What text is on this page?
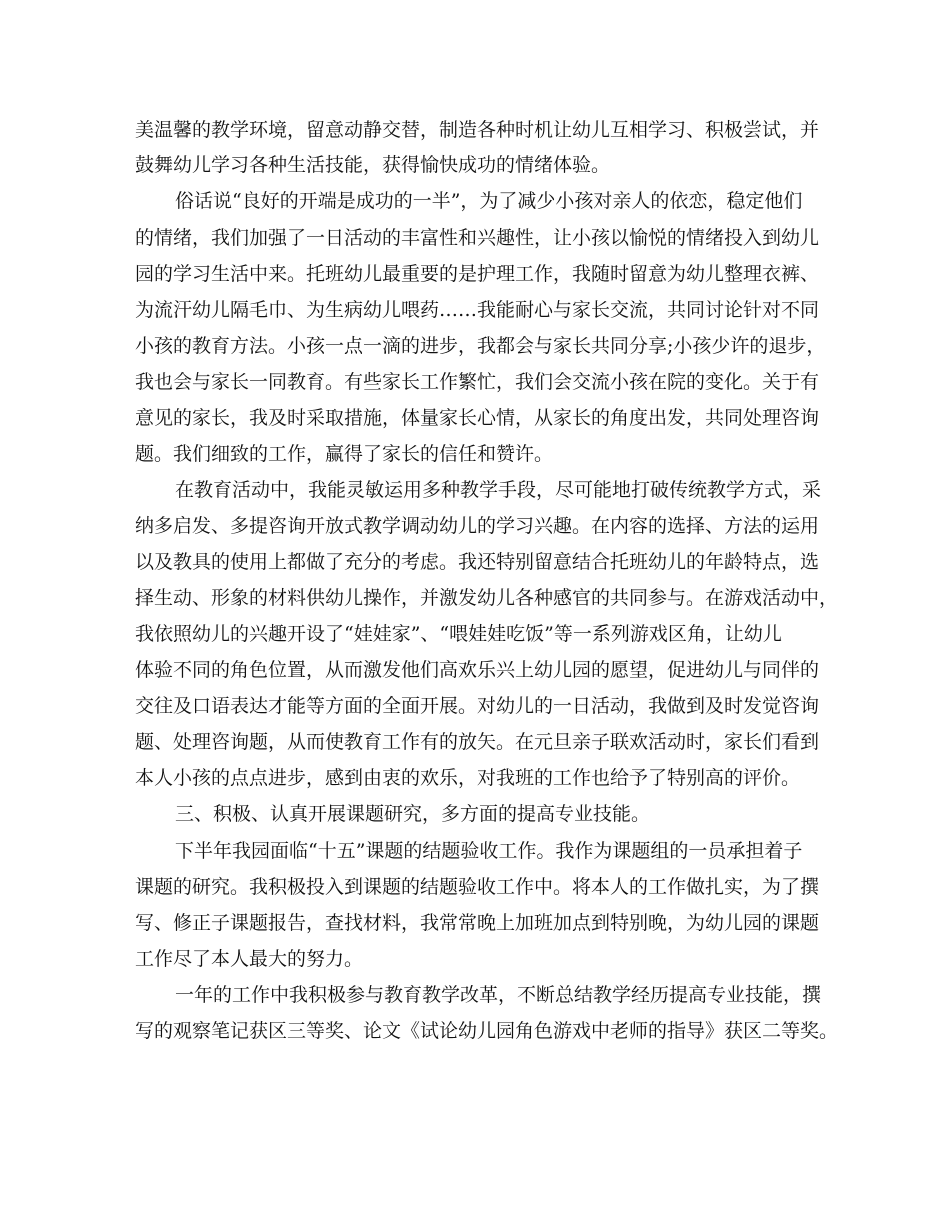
美温馨的教学环境，留意动静交替，制造各种时机让幼儿互相学习、积极尝试，并
鼓舞幼儿学习各种生活技能，获得愉快成功的情绪体验。
俗话说“良好的开端是成功的一半”，为了减少小孩对亲人的依恋，稳定他们
的情绪，我们加强了一日活动的丰富性和兴趣性，让小孩以愉悦的情绪投入到幼儿
园的学习生活中来。托班幼儿最重要的是护理工作，我随时留意为幼儿整理衣裤、
为流汗幼儿隔毛巾、为生病幼儿喂药……我能耐心与家长交流，共同讨论针对不同
小孩的教育方法。小孩一点一滴的进步，我都会与家长共同分享;小孩少许的退步，
我也会与家长一同教育。有些家长工作繁忙，我们会交流小孩在院的变化。关于有
意见的家长，我及时采取措施，体量家长心情，从家长的角度出发，共同处理咨询
题。我们细致的工作，赢得了家长的信任和赞许。
在教育活动中，我能灵敏运用多种教学手段，尽可能地打破传统教学方式，采
纳多启发、多提咨询开放式教学调动幼儿的学习兴趣。在内容的选择、方法的运用
以及教具的使用上都做了充分的考虑。我还特别留意结合托班幼儿的年龄特点，选
择生动、形象的材料供幼儿操作，并激发幼儿各种感官的共同参与。在游戏活动中，
我依照幼儿的兴趣开设了“娃娃家”、“喂娃娃吃饭”等一系列游戏区角，让幼儿
体验不同的角色位置，从而激发他们高欢乐兴上幼儿园的愿望，促进幼儿与同伴的
交往及口语表达才能等方面的全面开展。对幼儿的一日活动，我做到及时发觉咨询
题、处理咨询题，从而使教育工作有的放矢。在元旦亲子联欢活动时，家长们看到
本人小孩的点点进步，感到由衷的欢乐，对我班的工作也给予了特别高的评价。
三、积极、认真开展课题研究，多方面的提高专业技能。
下半年我园面临“十五”课题的结题验收工作。我作为课题组的一员承担着子
课题的研究。我积极投入到课题的结题验收工作中。将本人的工作做扎实，为了撰
写、修正子课题报告，查找材料，我常常晚上加班加点到特别晚，为幼儿园的课题
工作尽了本人最大的努力。
一年的工作中我积极参与教育教学改革，不断总结教学经历提高专业技能，撰
写的观察笔记获区三等奖、论文《试论幼儿园角色游戏中老师的指导》获区二等奖。
